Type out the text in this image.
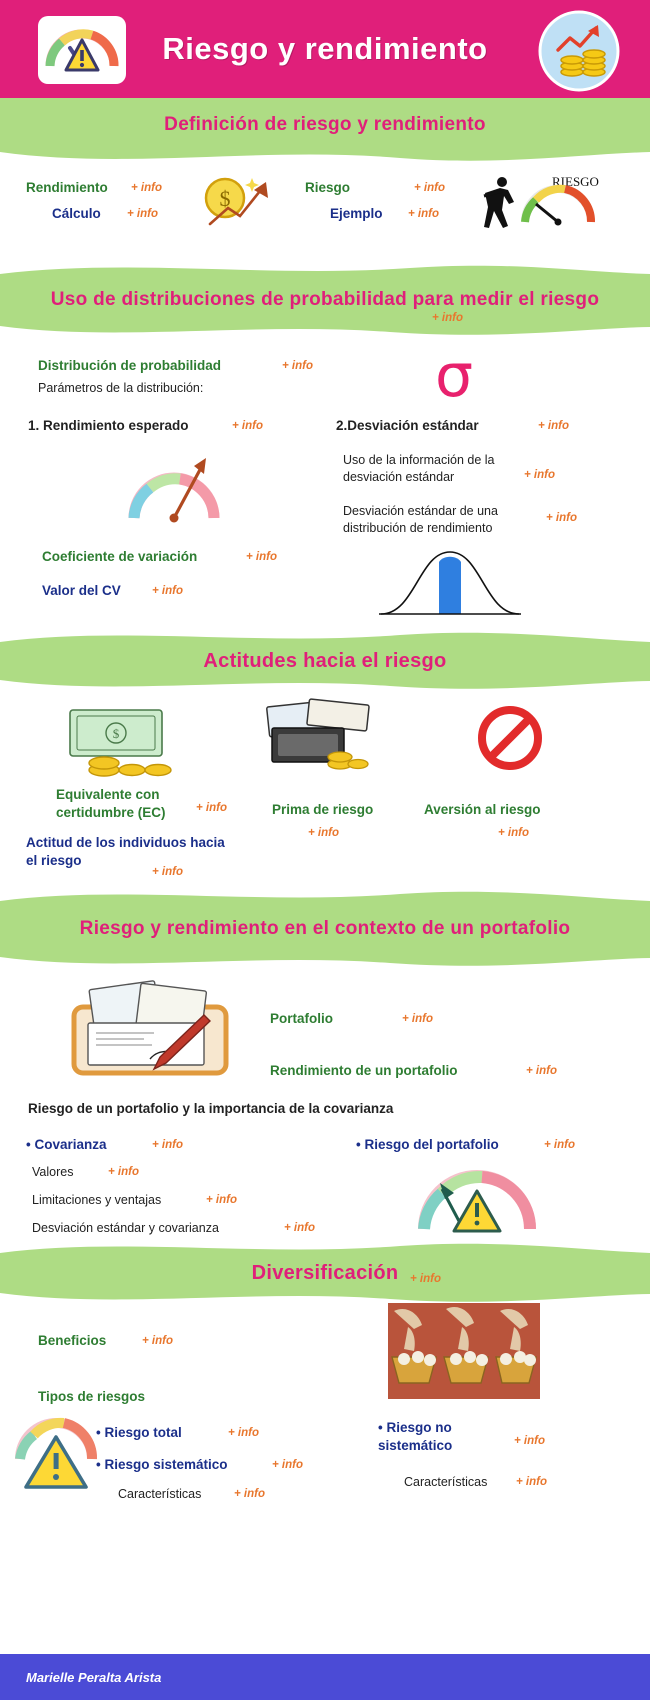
Riesgo y rendimiento
Definición de riesgo y rendimiento
Rendimiento + info
Cálculo + info
Riesgo	+ info
Ejemplo + info
$
RIESGO
Uso de distribuciones de probabilidad para medir el riesgo
+ info
Distribución de probabilidad	+ info
Parámetros de la distribución:
1. Rendimiento esperado	+ info	2.Desviación estándar	+ info
Uso de la información de la desviación estándar	+ info
Desviación estándar de una distribución de rendimiento
+ info
Coeficiente de variación	+ info
Valor del CV	+ info
σ
Actitudes hacia el riesgo
$
Equivalente con certidumbre (EC)	+ info	Prima de riesgo
+ info
Aversión al riesgo
+ info
Actitud de los individuos hacia el riesgo
+ info
Riesgo y rendimiento en el contexto de un portafolio
Portafolio	+ info
Rendimiento de un portafolio	+ info
Riesgo de un portafolio y la importancia de la covarianza
• Covarianza	+ info
Valores	+ info
Limitaciones y ventajas	+ info
Desviación estándar y covarianza	+ info
• Riesgo del portafolio	+ info
Diversificación	+ info
Beneficios	+ info
Tipos de riesgos
• Riesgo total	+ info
• Riesgo sistemático	+ info
Características	+ info
• Riesgo no sistemático	+ info
Características + info
Marielle Peralta Arista
